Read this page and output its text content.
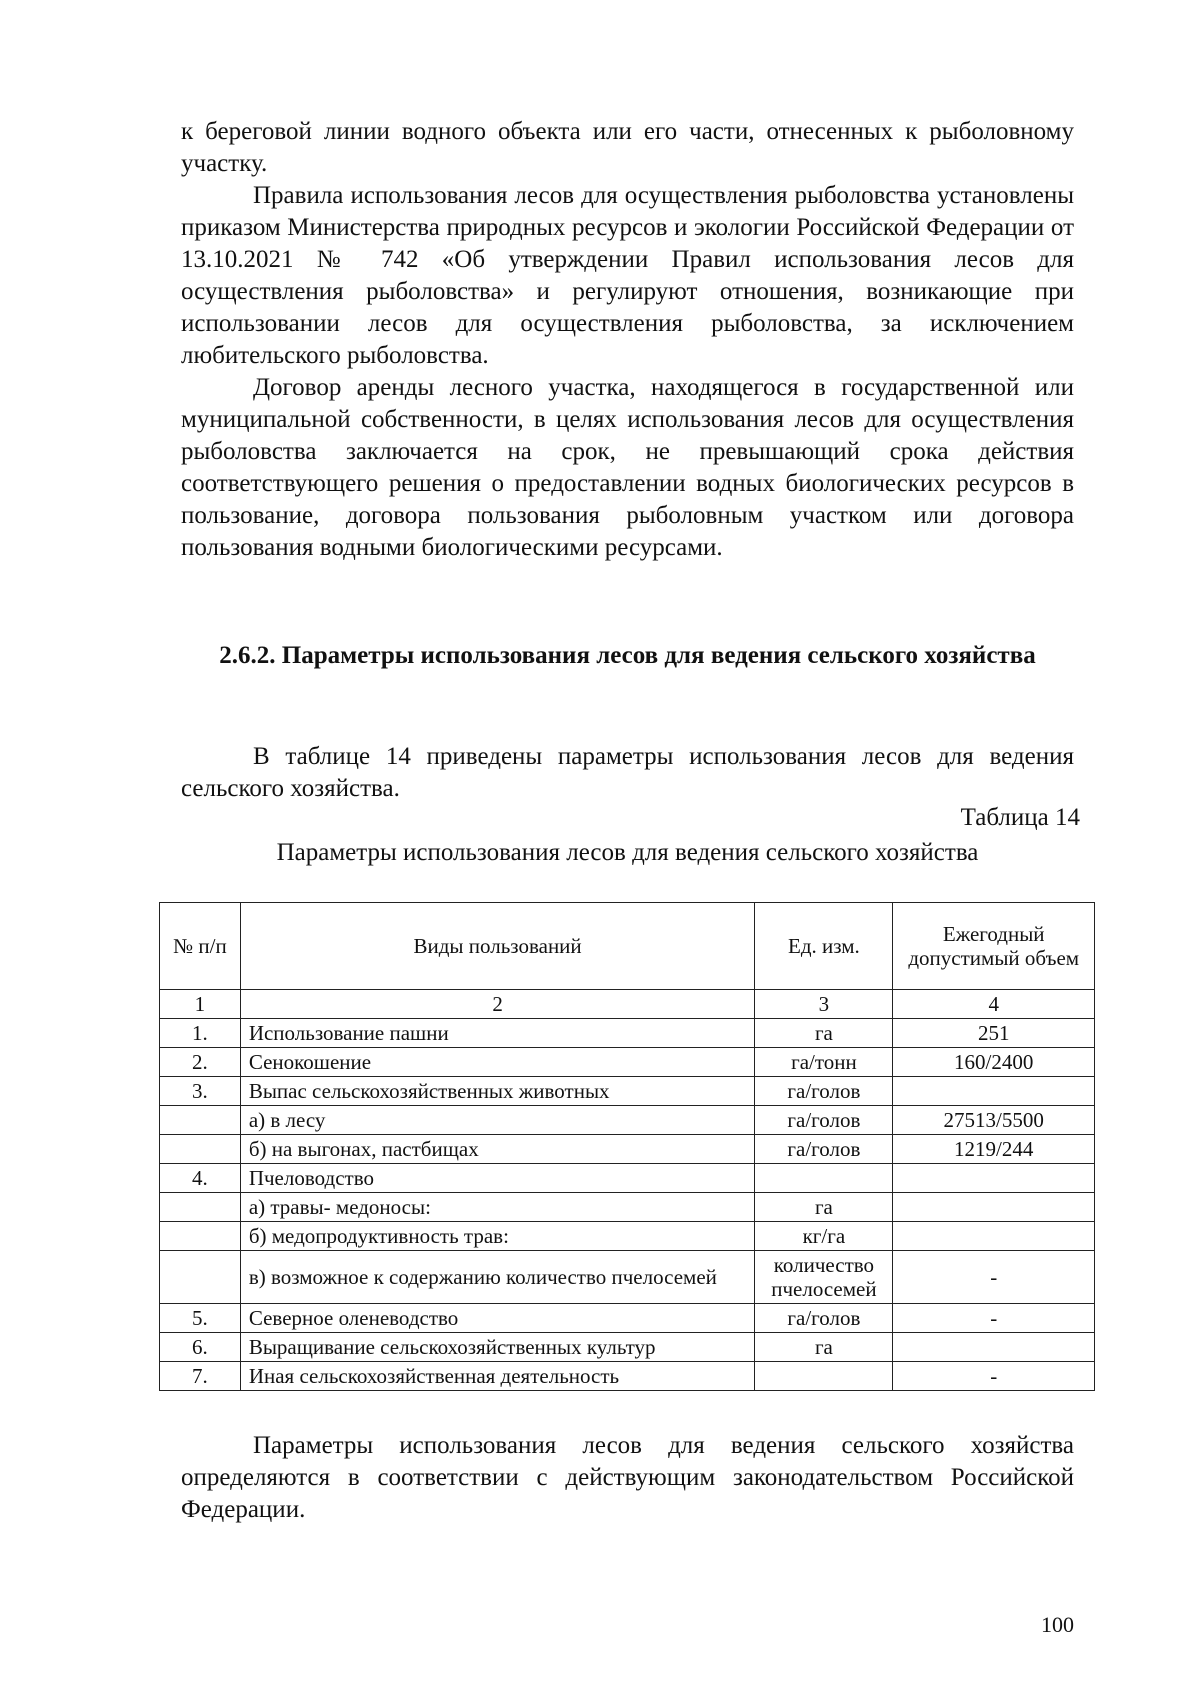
к береговой линии водного объекта или его части, отнесенных к рыболовному участку.

Правила использования лесов для осуществления рыболовства установлены приказом Министерства природных ресурсов и экологии Российской Федерации от 13.10.2021 № 742 «Об утверждении Правил использования лесов для осуществления рыболовства» и регулируют отношения, возникающие при использовании лесов для осуществления рыболовства, за исключением любительского рыболовства.

Договор аренды лесного участка, находящегося в государственной или муниципальной собственности, в целях использования лесов для осуществления рыболовства заключается на срок, не превышающий срока действия соответствующего решения о предоставлении водных биологических ресурсов в пользование, договора пользования рыболовным участком или договора пользования водными биологическими ресурсами.

2.6.2. Параметры использования лесов для ведения сельского хозяйства

В таблице 14 приведены параметры использования лесов для ведения сельского хозяйства.

Таблица 14
Параметры использования лесов для ведения сельского хозяйства
№ п/п	Виды пользований	Ед. изм.	Ежегодный допустимый объем
1	2	3	4
1.	Использование пашни	га	251
2.	Сенокошение	га/тонн	160/2400
3.	Выпас сельскохозяйственных животных	га/голов	
	а) в лесу	га/голов	27513/5500
	б) на выгонах, пастбищах	га/голов	1219/244
4.	Пчеловодство		
	а) травы- медоносы:	га	
	б) медопродуктивность трав:	кг/га	
	в) возможное к содержанию количество пчелосемей	количество пчелосемей	-
5.	Северное оленеводство	га/голов	-
6.	Выращивание сельскохозяйственных культур	га	
7.	Иная сельскохозяйственная деятельность		-

Параметры использования лесов для ведения сельского хозяйства определяются в соответствии с действующим законодательством Российской Федерации.

100
